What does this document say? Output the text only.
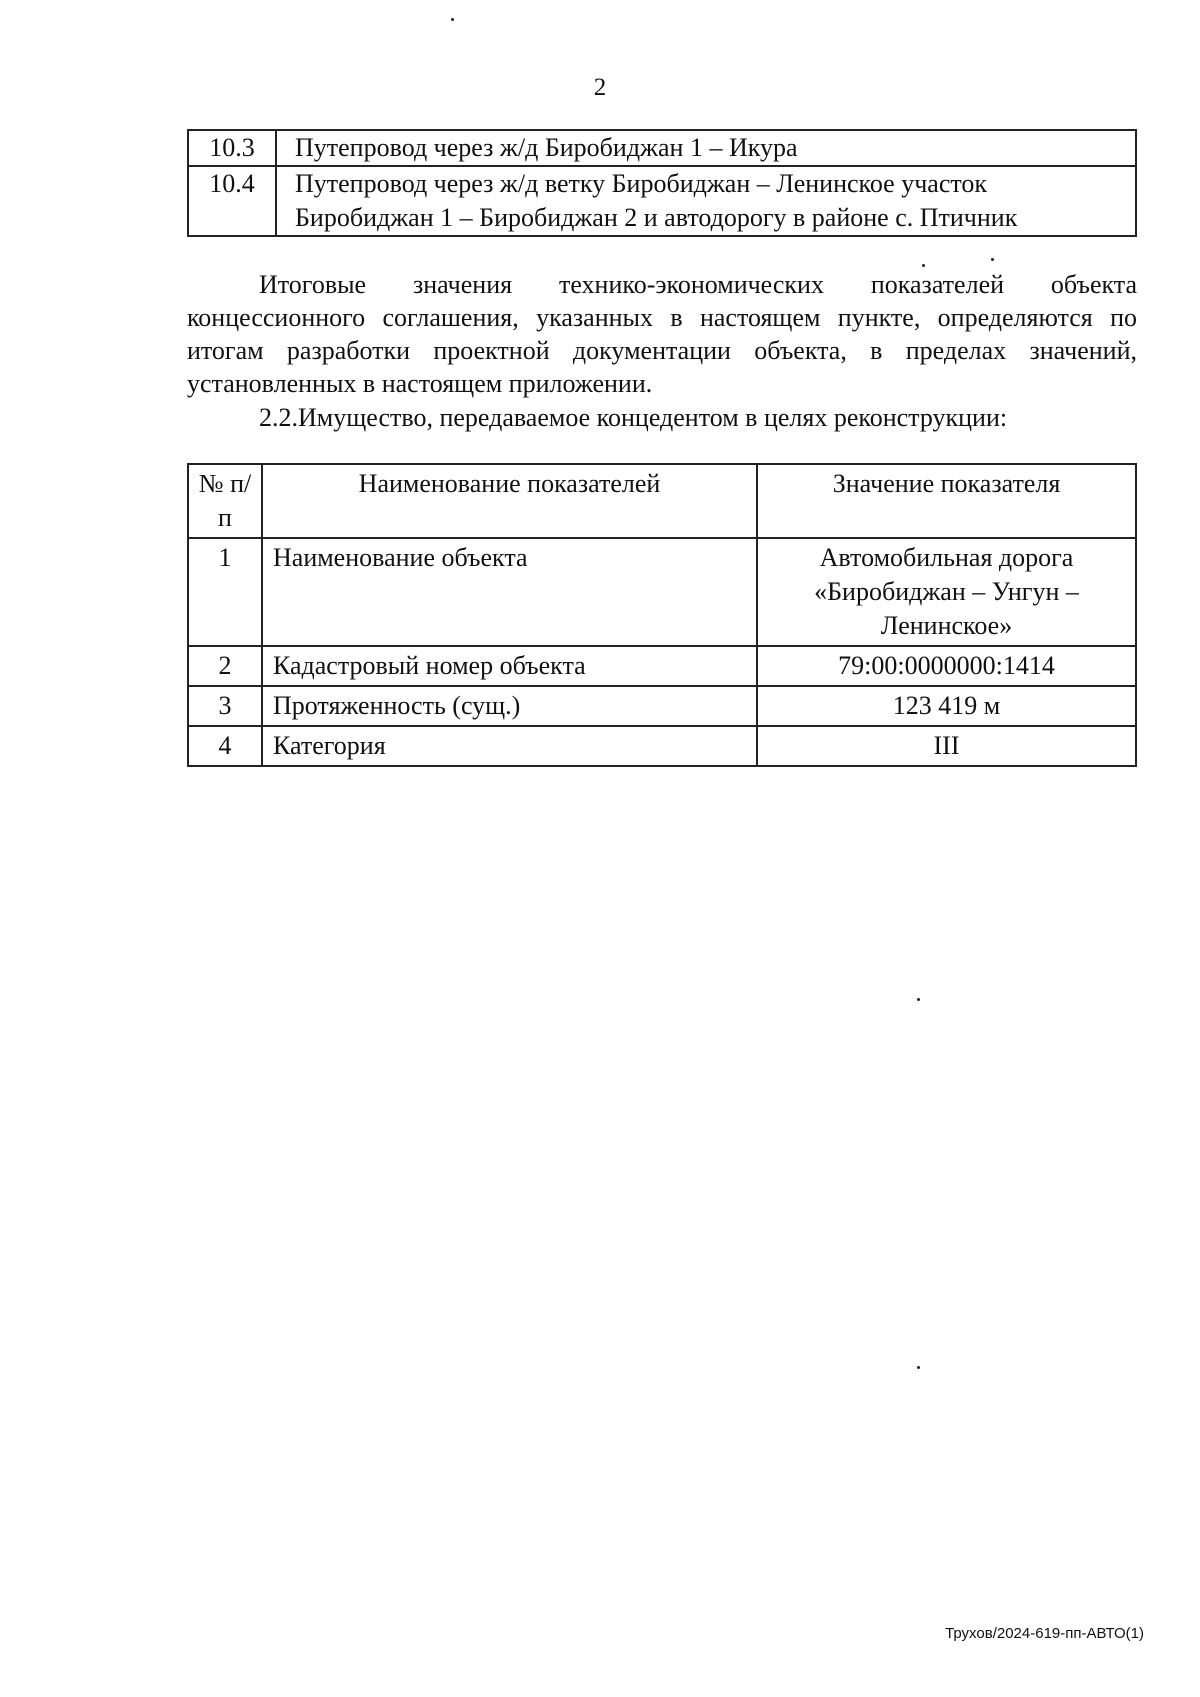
2
10.3	Путепровод через ж/д Биробиджан 1 – Икура
10.4	Путепровод через ж/д ветку Биробиджан – Ленинское участок Биробиджан 1 – Биробиджан 2 и автодорогу в районе с. Птичник

Итоговые значения технико-экономических показателей объекта концессионного соглашения, указанных в настоящем пункте, определяются по итогам разработки проектной документации объекта, в пределах значений, установленных в настоящем приложении.

2.2.Имущество, передаваемое концедентом в целях реконструкции:

№ п/п	Наименование показателей	Значение показателя
1	Наименование объекта	Автомобильная дорога «Биробиджан – Унгун – Ленинское»
2	Кадастровый номер объекта	79:00:0000000:1414
3	Протяженность (сущ.)	123 419 м
4	Категория	III
Трухов/2024-619-пп-АВТО(1)
